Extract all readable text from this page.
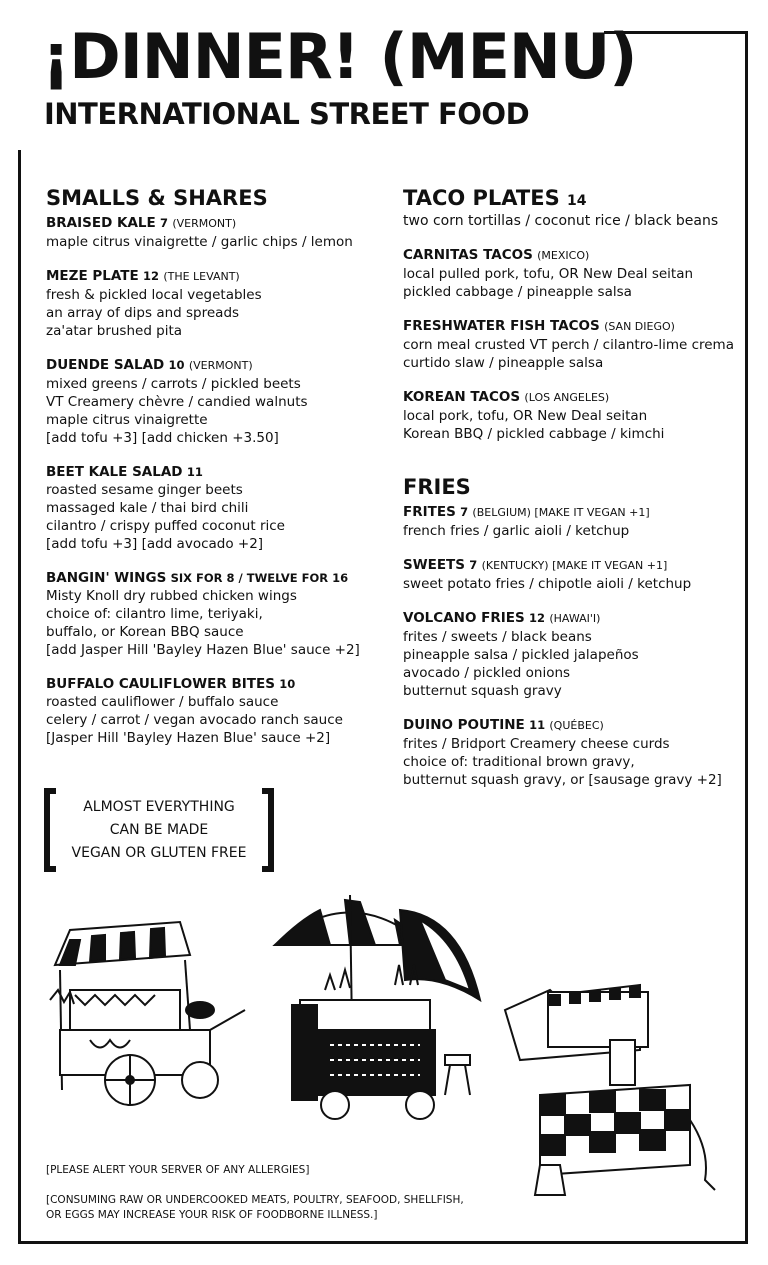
¡DINNER! (MENU)
INTERNATIONAL STREET FOOD
SMALLS & SHARES
BRAISED KALE 7 (VERMONT)
maple citrus vinaigrette / garlic chips / lemon
MEZE PLATE 12 (THE LEVANT)
fresh & pickled local vegetables
an array of dips and spreads
za'atar brushed pita
DUENDE SALAD 10 (VERMONT)
mixed greens / carrots / pickled beets
VT Creamery chèvre / candied walnuts
maple citrus vinaigrette
[add tofu +3] [add chicken +3.50]
BEET KALE SALAD 11
roasted sesame ginger beets
massaged kale / thai bird chili
cilantro / crispy puffed coconut rice
[add tofu +3] [add avocado +2]
BANGIN' WINGS SIX FOR 8 / TWELVE FOR 16
Misty Knoll dry rubbed chicken wings
choice of: cilantro lime, teriyaki,
buffalo, or Korean BBQ sauce
[add Jasper Hill 'Bayley Hazen Blue' sauce +2]
BUFFALO CAULIFLOWER BITES 10
roasted cauliflower / buffalo sauce
celery / carrot / vegan avocado ranch sauce
[Jasper Hill 'Bayley Hazen Blue' sauce +2]
TACO PLATES 14
two corn tortillas / coconut rice / black beans
CARNITAS TACOS (MEXICO)
local pulled pork, tofu, OR New Deal seitan
pickled cabbage / pineapple salsa
FRESHWATER FISH TACOS (SAN DIEGO)
corn meal crusted VT perch / cilantro-lime crema
curtido slaw / pineapple salsa
KOREAN TACOS (LOS ANGELES)
local pork, tofu, OR New Deal seitan
Korean BBQ / pickled cabbage / kimchi
FRIES
FRITES 7 (BELGIUM) [MAKE IT VEGAN +1]
french fries / garlic aioli / ketchup
SWEETS 7 (KENTUCKY) [MAKE IT VEGAN +1]
sweet potato fries / chipotle aioli / ketchup
VOLCANO FRIES 12 (HAWAI'I)
frites / sweets / black beans
pineapple salsa / pickled jalapeños
avocado / pickled onions
butternut squash gravy
DUINO POUTINE 11 (QUÉBEC)
frites / Bridport Creamery cheese curds
choice of: traditional brown gravy,
butternut squash gravy, or [sausage gravy +2]
ALMOST EVERYTHING
CAN BE MADE
VEGAN OR GLUTEN FREE
[PLEASE ALERT YOUR SERVER OF ANY ALLERGIES]
[CONSUMING RAW OR UNDERCOOKED MEATS, POULTRY, SEAFOOD, SHELLFISH,
OR EGGS MAY INCREASE YOUR RISK OF FOODBORNE ILLNESS.]
